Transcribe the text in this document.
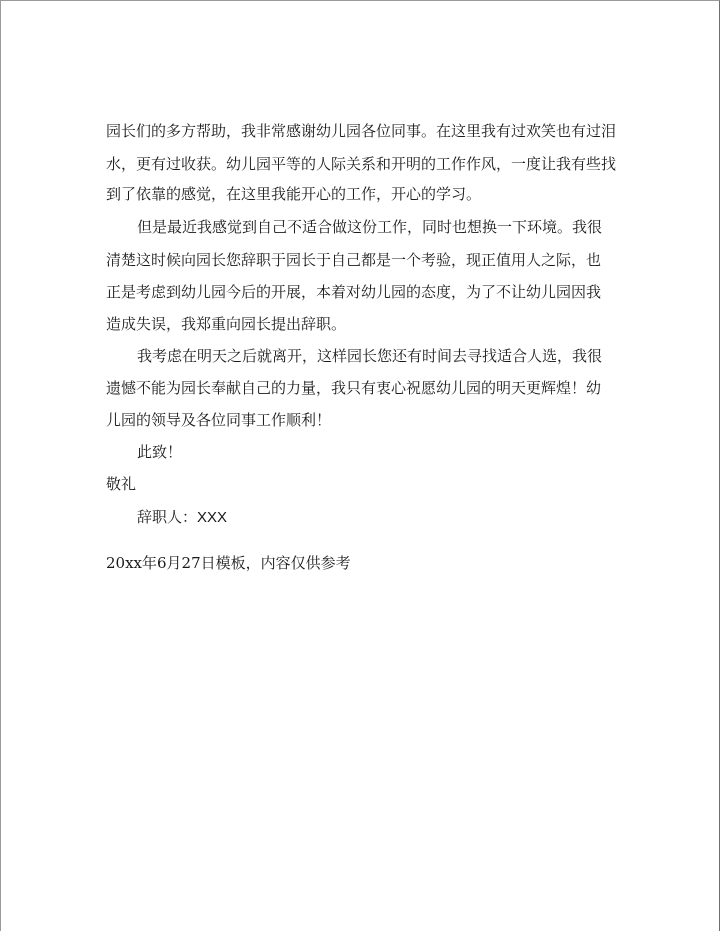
园长们的多方帮助，我非常感谢幼儿园各位同事。在这里我有过欢笑也有过泪
水，更有过收获。幼儿园平等的人际关系和开明的工作作风，一度让我有些找
到了依靠的感觉，在这里我能开心的工作，开心的学习。
但是最近我感觉到自己不适合做这份工作，同时也想换一下环境。我很
清楚这时候向园长您辞职于园长于自己都是一个考验，现正值用人之际，也
正是考虑到幼儿园今后的开展，本着对幼儿园的态度，为了不让幼儿园因我
造成失误，我郑重向园长提出辞职。
我考虑在明天之后就离开，这样园长您还有时间去寻找适合人选，我很
遗憾不能为园长奉献自己的力量，我只有衷心祝愿幼儿园的明天更辉煌！幼
儿园的领导及各位同事工作顺利！
此致！
敬礼
辞职人：XXX
20xx年6月27日模板，内容仅供参考
